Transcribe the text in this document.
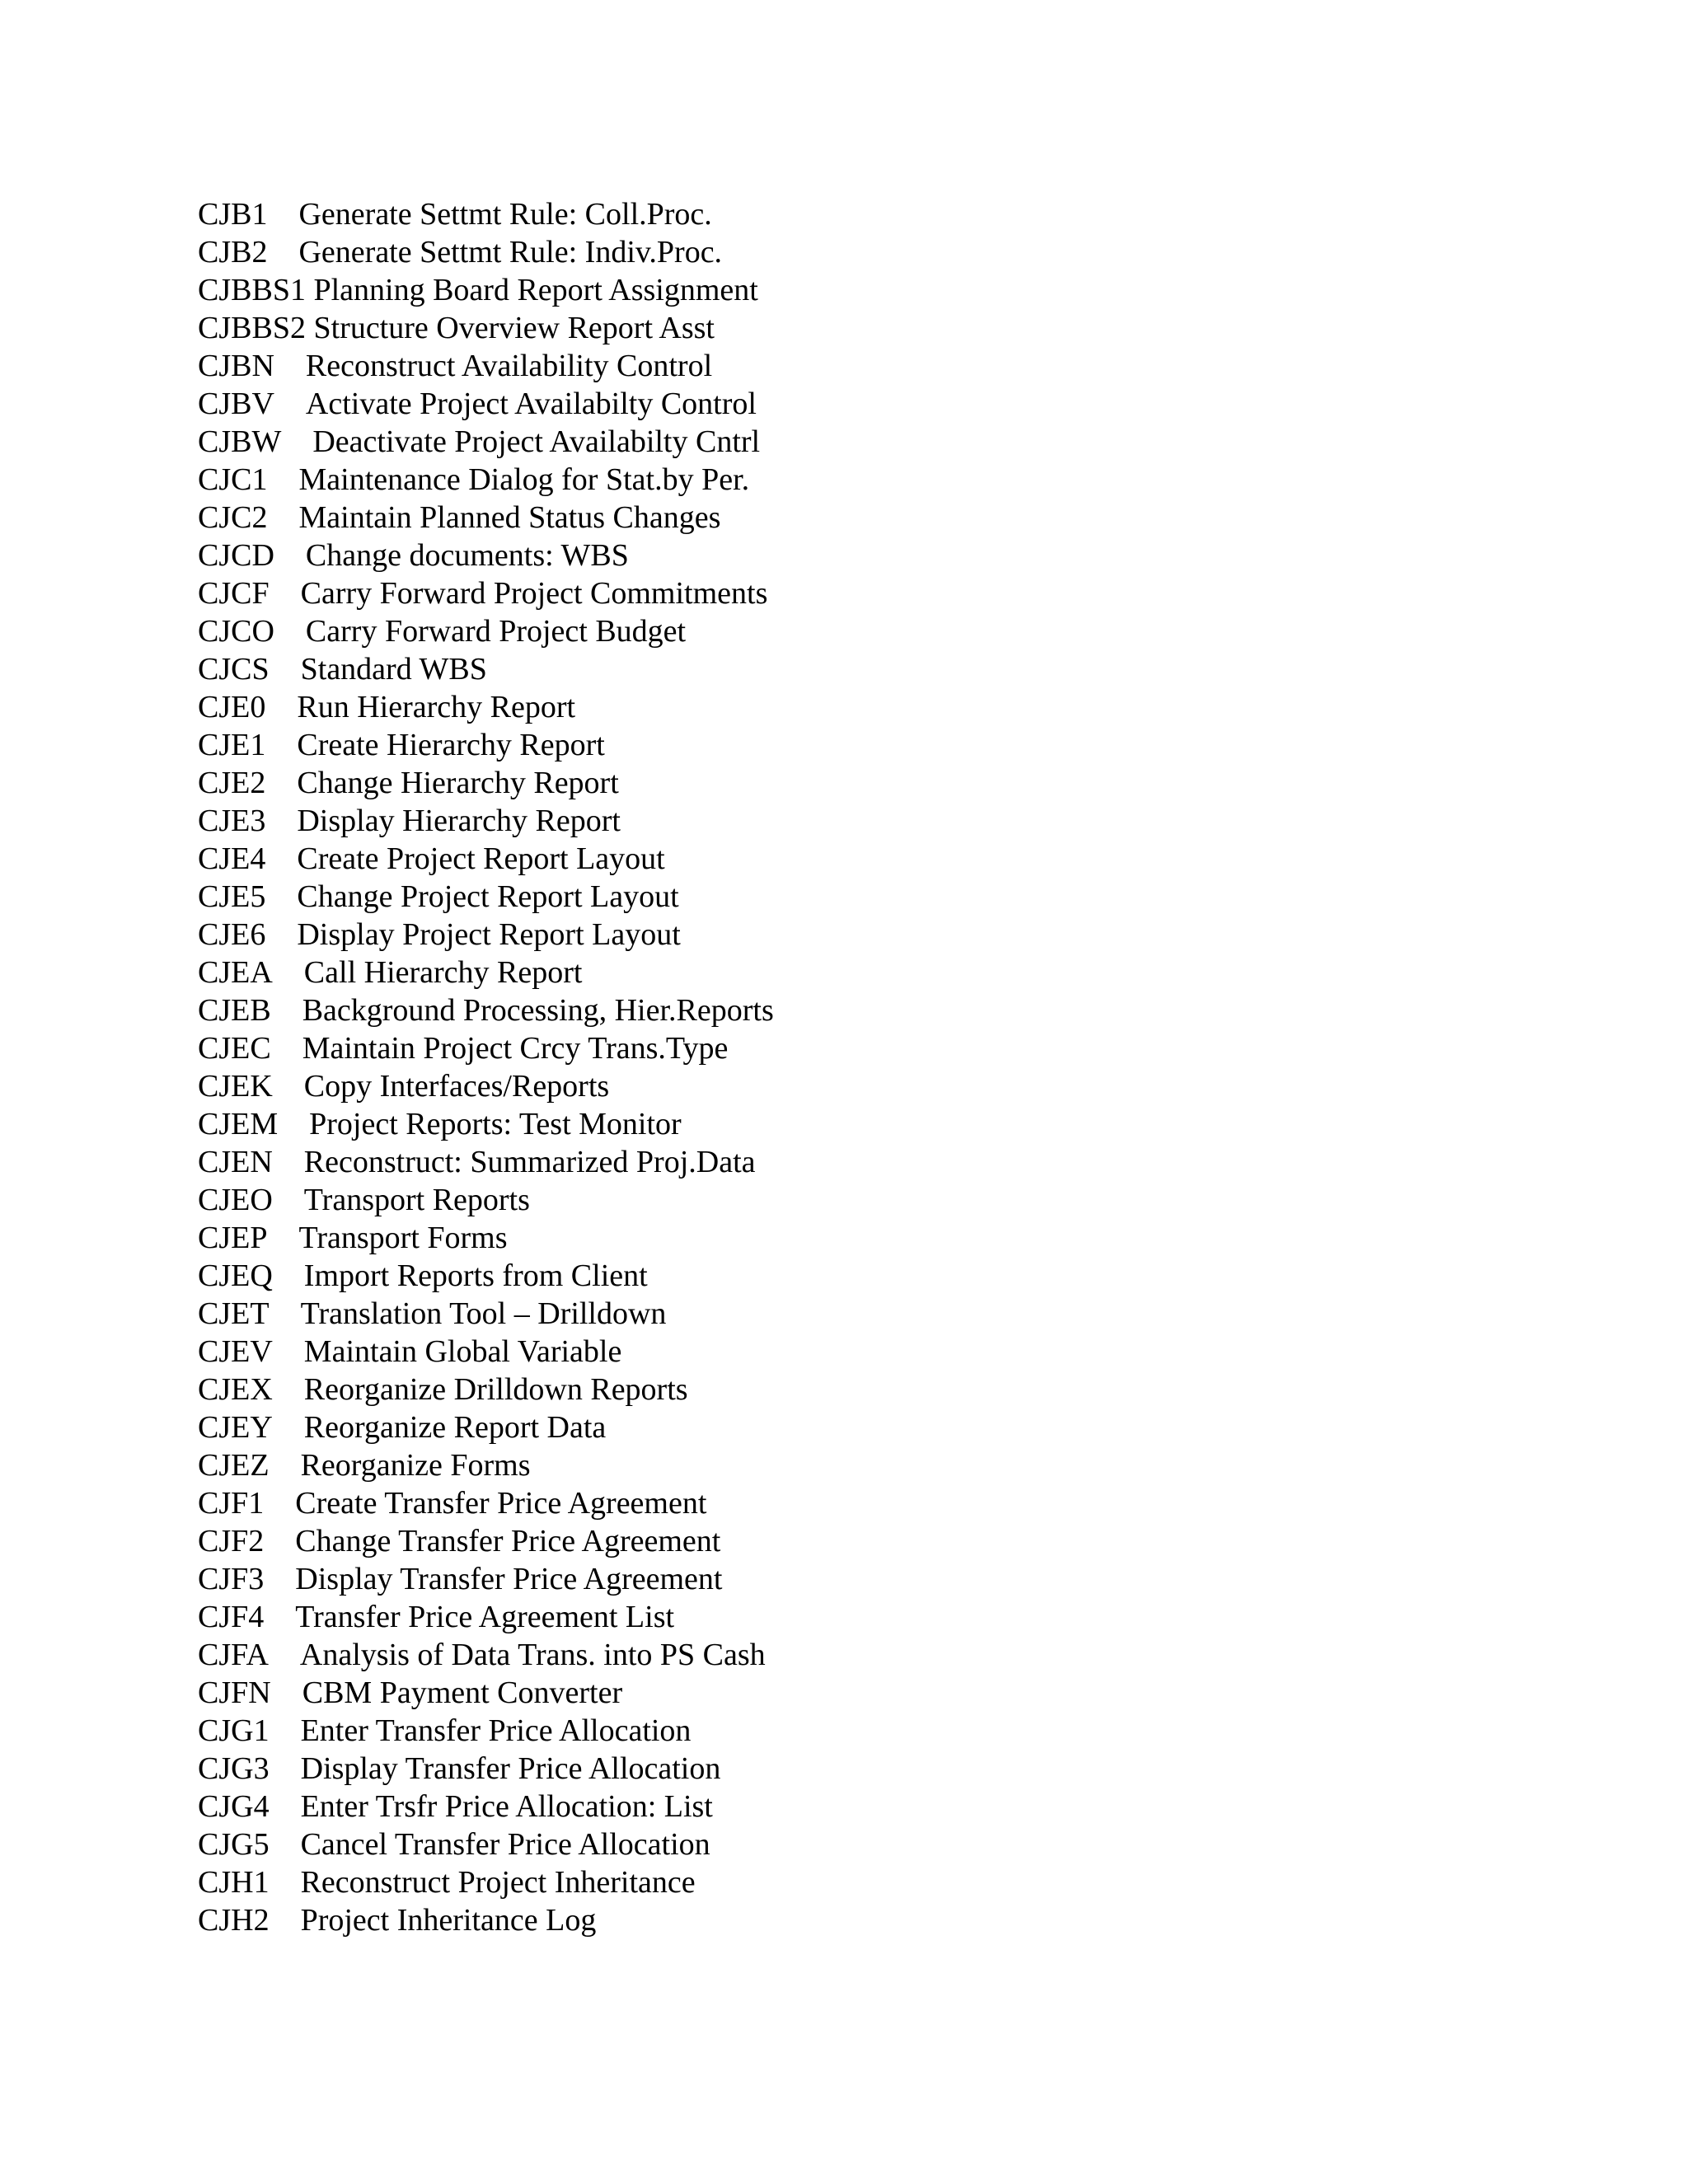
CJB1 Generate Settmt Rule: Coll.Proc.
CJB2 Generate Settmt Rule: Indiv.Proc.
CJBBS1 Planning Board Report Assignment
CJBBS2 Structure Overview Report Asst
CJBN Reconstruct Availability Control
CJBV Activate Project Availabilty Control
CJBW Deactivate Project Availabilty Cntrl
CJC1 Maintenance Dialog for Stat.by Per.
CJC2 Maintain Planned Status Changes
CJCD Change documents: WBS
CJCF Carry Forward Project Commitments
CJCO Carry Forward Project Budget
CJCS Standard WBS
CJE0 Run Hierarchy Report
CJE1 Create Hierarchy Report
CJE2 Change Hierarchy Report
CJE3 Display Hierarchy Report
CJE4 Create Project Report Layout
CJE5 Change Project Report Layout
CJE6 Display Project Report Layout
CJEA Call Hierarchy Report
CJEB Background Processing, Hier.Reports
CJEC Maintain Project Crcy Trans.Type
CJEK Copy Interfaces/Reports
CJEM Project Reports: Test Monitor
CJEN Reconstruct: Summarized Proj.Data
CJEO Transport Reports
CJEP Transport Forms
CJEQ Import Reports from Client
CJET Translation Tool – Drilldown
CJEV Maintain Global Variable
CJEX Reorganize Drilldown Reports
CJEY Reorganize Report Data
CJEZ Reorganize Forms
CJF1 Create Transfer Price Agreement
CJF2 Change Transfer Price Agreement
CJF3 Display Transfer Price Agreement
CJF4 Transfer Price Agreement List
CJFA Analysis of Data Trans. into PS Cash
CJFN CBM Payment Converter
CJG1 Enter Transfer Price Allocation
CJG3 Display Transfer Price Allocation
CJG4 Enter Trsfr Price Allocation: List
CJG5 Cancel Transfer Price Allocation
CJH1 Reconstruct Project Inheritance
CJH2 Project Inheritance Log
